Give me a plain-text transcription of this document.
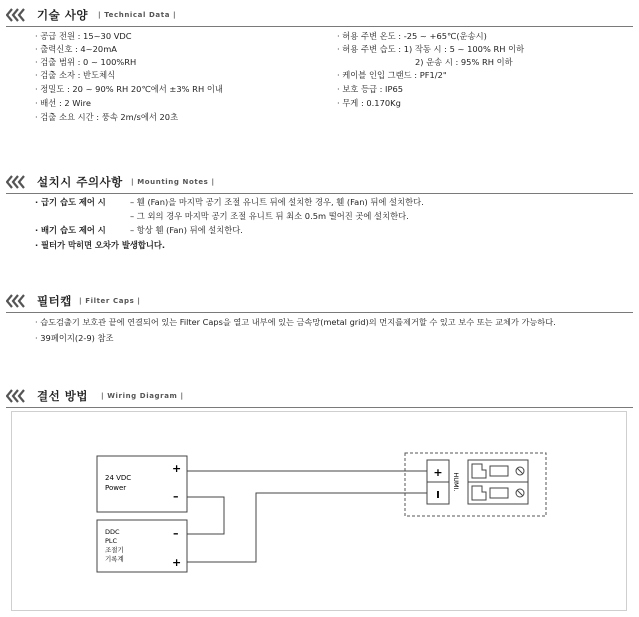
기술 사양 | Technical Data |
· 공급 전원 : 15~30 VDC
· 출력신호 : 4~20mA
· 검출 범위 : 0 ~ 100%RH
· 검출 소자 : 반도체식
· 정밀도 : 20 ~ 90% RH 20℃에서 ±3% RH 이내
· 배선 : 2 Wire
· 검출 소요 시간 : 풍속 2m/s에서 20초
· 허용 주변 온도 : -25 ~ +65℃(운송시)
· 허용 주변 습도 : 1) 작동 시 : 5 ~ 100% RH 이하
2) 운송 시 : 95% RH 이하
· 케이블 인입 그랜드 : PF1/2"
· 보호 등급 : IP65
· 무게 : 0.170Kg
설치시 주의사항 | Mounting Notes |
· 급기 습도 제어 시	– 휀 (Fan)을 마지막 공기 조절 유니트 뒤에 설치한 경우, 휀 (Fan) 뒤에 설치한다.
– 그 외의 경우 마지막 공기 조절 유니트 뒤 최소 0.5m 떨어진 곳에 설치한다.
· 배기 습도 제어 시	– 항상 휀 (Fan) 뒤에 설치한다.
· 필터가 막히면 오차가 발생합니다.
필터캡 | Filter Caps |
· 습도검출기 보호관 끝에 연결되어 있는 Filter Caps을 열고 내부에 있는 금속망(metal grid)의 먼지를제거할 수 있고 보수 또는 교체가 가능하다.
· 39페이지(2-9) 참조
결선 방법 | Wiring Diagram |
24 VDC
Power
+
–
DDC
PLC
조절기
기록계
–
+
+
I
HUMI.
